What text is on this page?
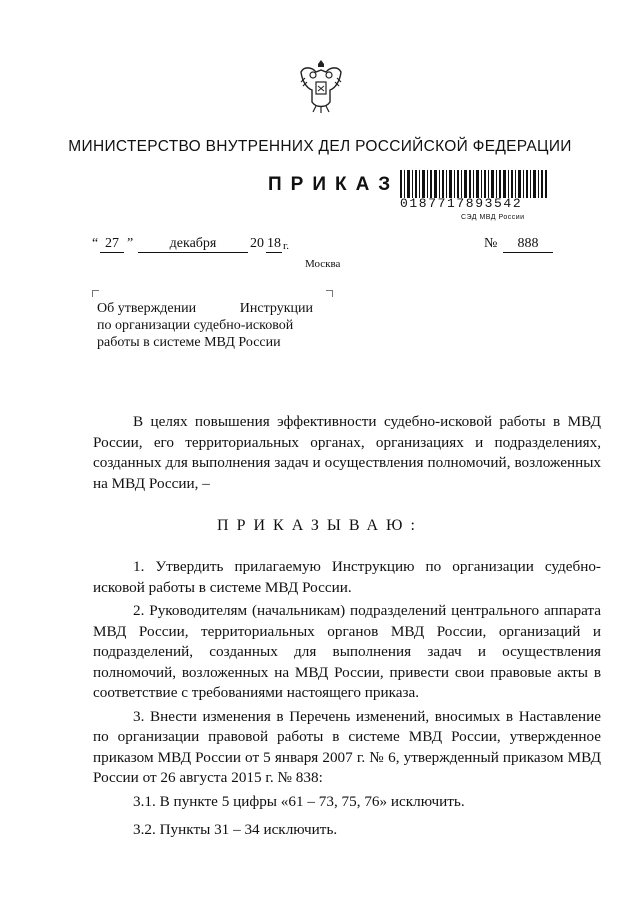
МИНИСТЕРСТВО ВНУТРЕННИХ ДЕЛ РОССИЙСКОЙ ФЕДЕРАЦИИ
ПРИКАЗ
0187717893542
СЭД МВД России
“ 27 ”	декабря	20 18 г.	№	888
Москва
Об утверждении	Инструкции
по организации судебно-исковой
работы в системе МВД России

В целях повышения эффективности судебно-исковой работы в МВД России, его территориальных органах, организациях и подразделениях, созданных для выполнения задач и осуществления полномочий, возложенных на МВД России, –

ПРИКАЗЫВАЮ:

1. Утвердить прилагаемую Инструкцию по организации судебно-исковой работы в системе МВД России.

2. Руководителям (начальникам) подразделений центрального аппарата МВД России, территориальных органов МВД России, организаций и подразделений, созданных для выполнения задач и осуществления полномочий, возложенных на МВД России, привести свои правовые акты в соответствие с требованиями настоящего приказа.

3. Внести изменения в Перечень изменений, вносимых в Наставление по организации правовой работы в системе МВД России, утвержденное приказом МВД России от 5 января 2007 г. № 6, утвержденный приказом МВД России от 26 августа 2015 г. № 838:

3.1. В пункте 5 цифры «61 – 73, 75, 76» исключить.

3.2. Пункты 31 – 34 исключить.
